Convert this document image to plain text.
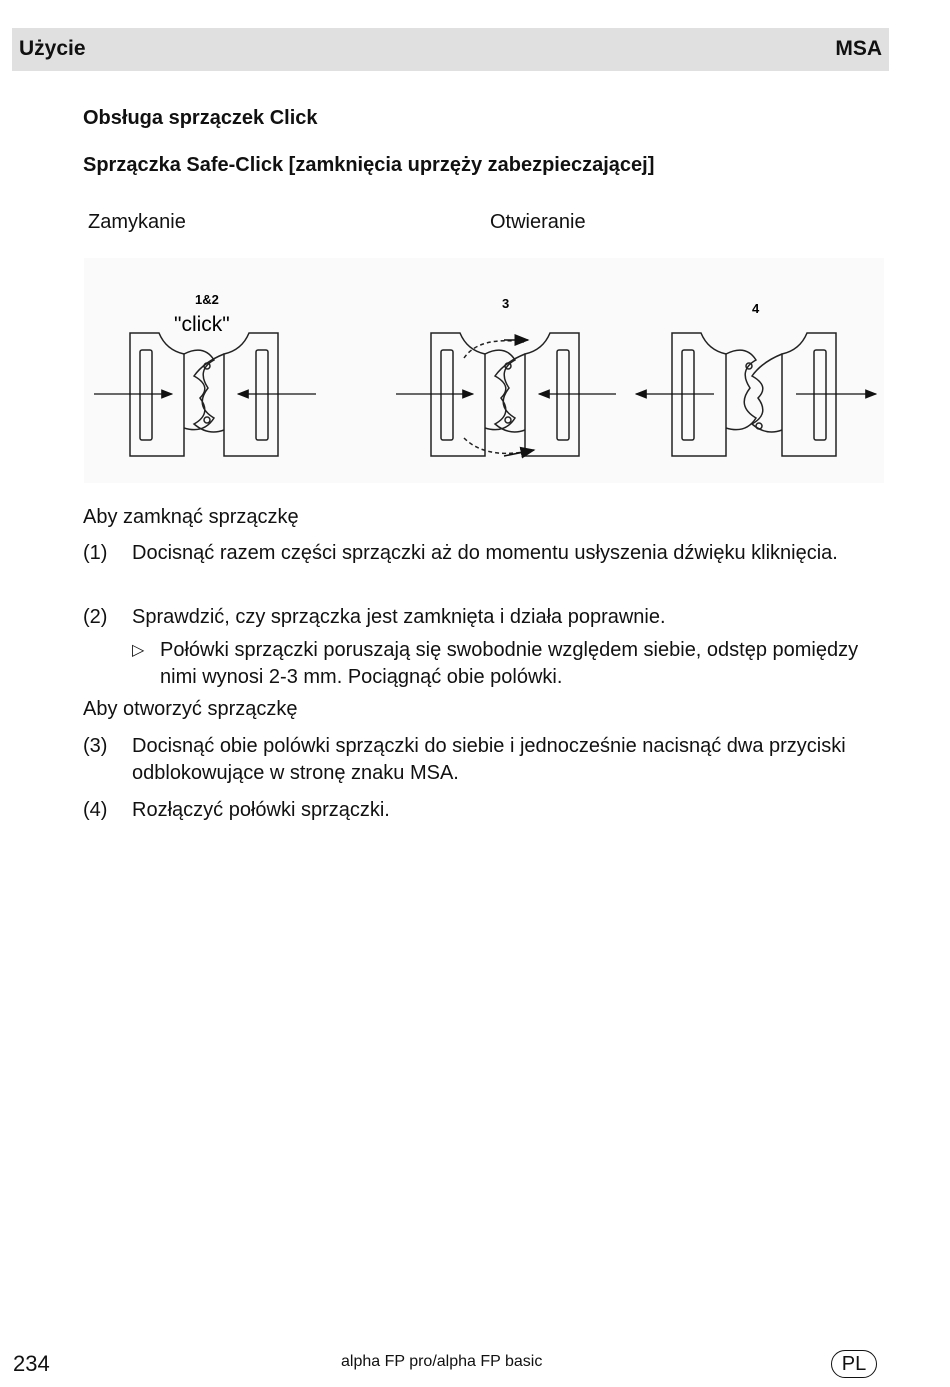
Użycie	MSA
Obsługa sprzączek Click
Sprzączka Safe-Click [zamknięcia uprzęży zabezpieczającej]
Zamykanie	Otwieranie
1&2
"click"
3	4
Aby zamknąć sprzączkę
(1) Docisnąć razem części sprzączki aż do momentu usłyszenia dźwięku kliknięcia.
(2) Sprawdzić, czy sprzączka jest zamknięta i działa poprawnie.
▷ Połówki sprzączki poruszają się swobodnie względem siebie, odstęp pomiędzy nimi wynosi 2-3 mm. Pociągnąć obie polówki.
Aby otworzyć sprzączkę
(3) Docisnąć obie polówki sprzączki do siebie i jednocześnie nacisnąć dwa przyciski odblokowujące w stronę znaku MSA.
(4) Rozłączyć połówki sprzączki.
234	alpha FP pro/alpha FP basic	PL
